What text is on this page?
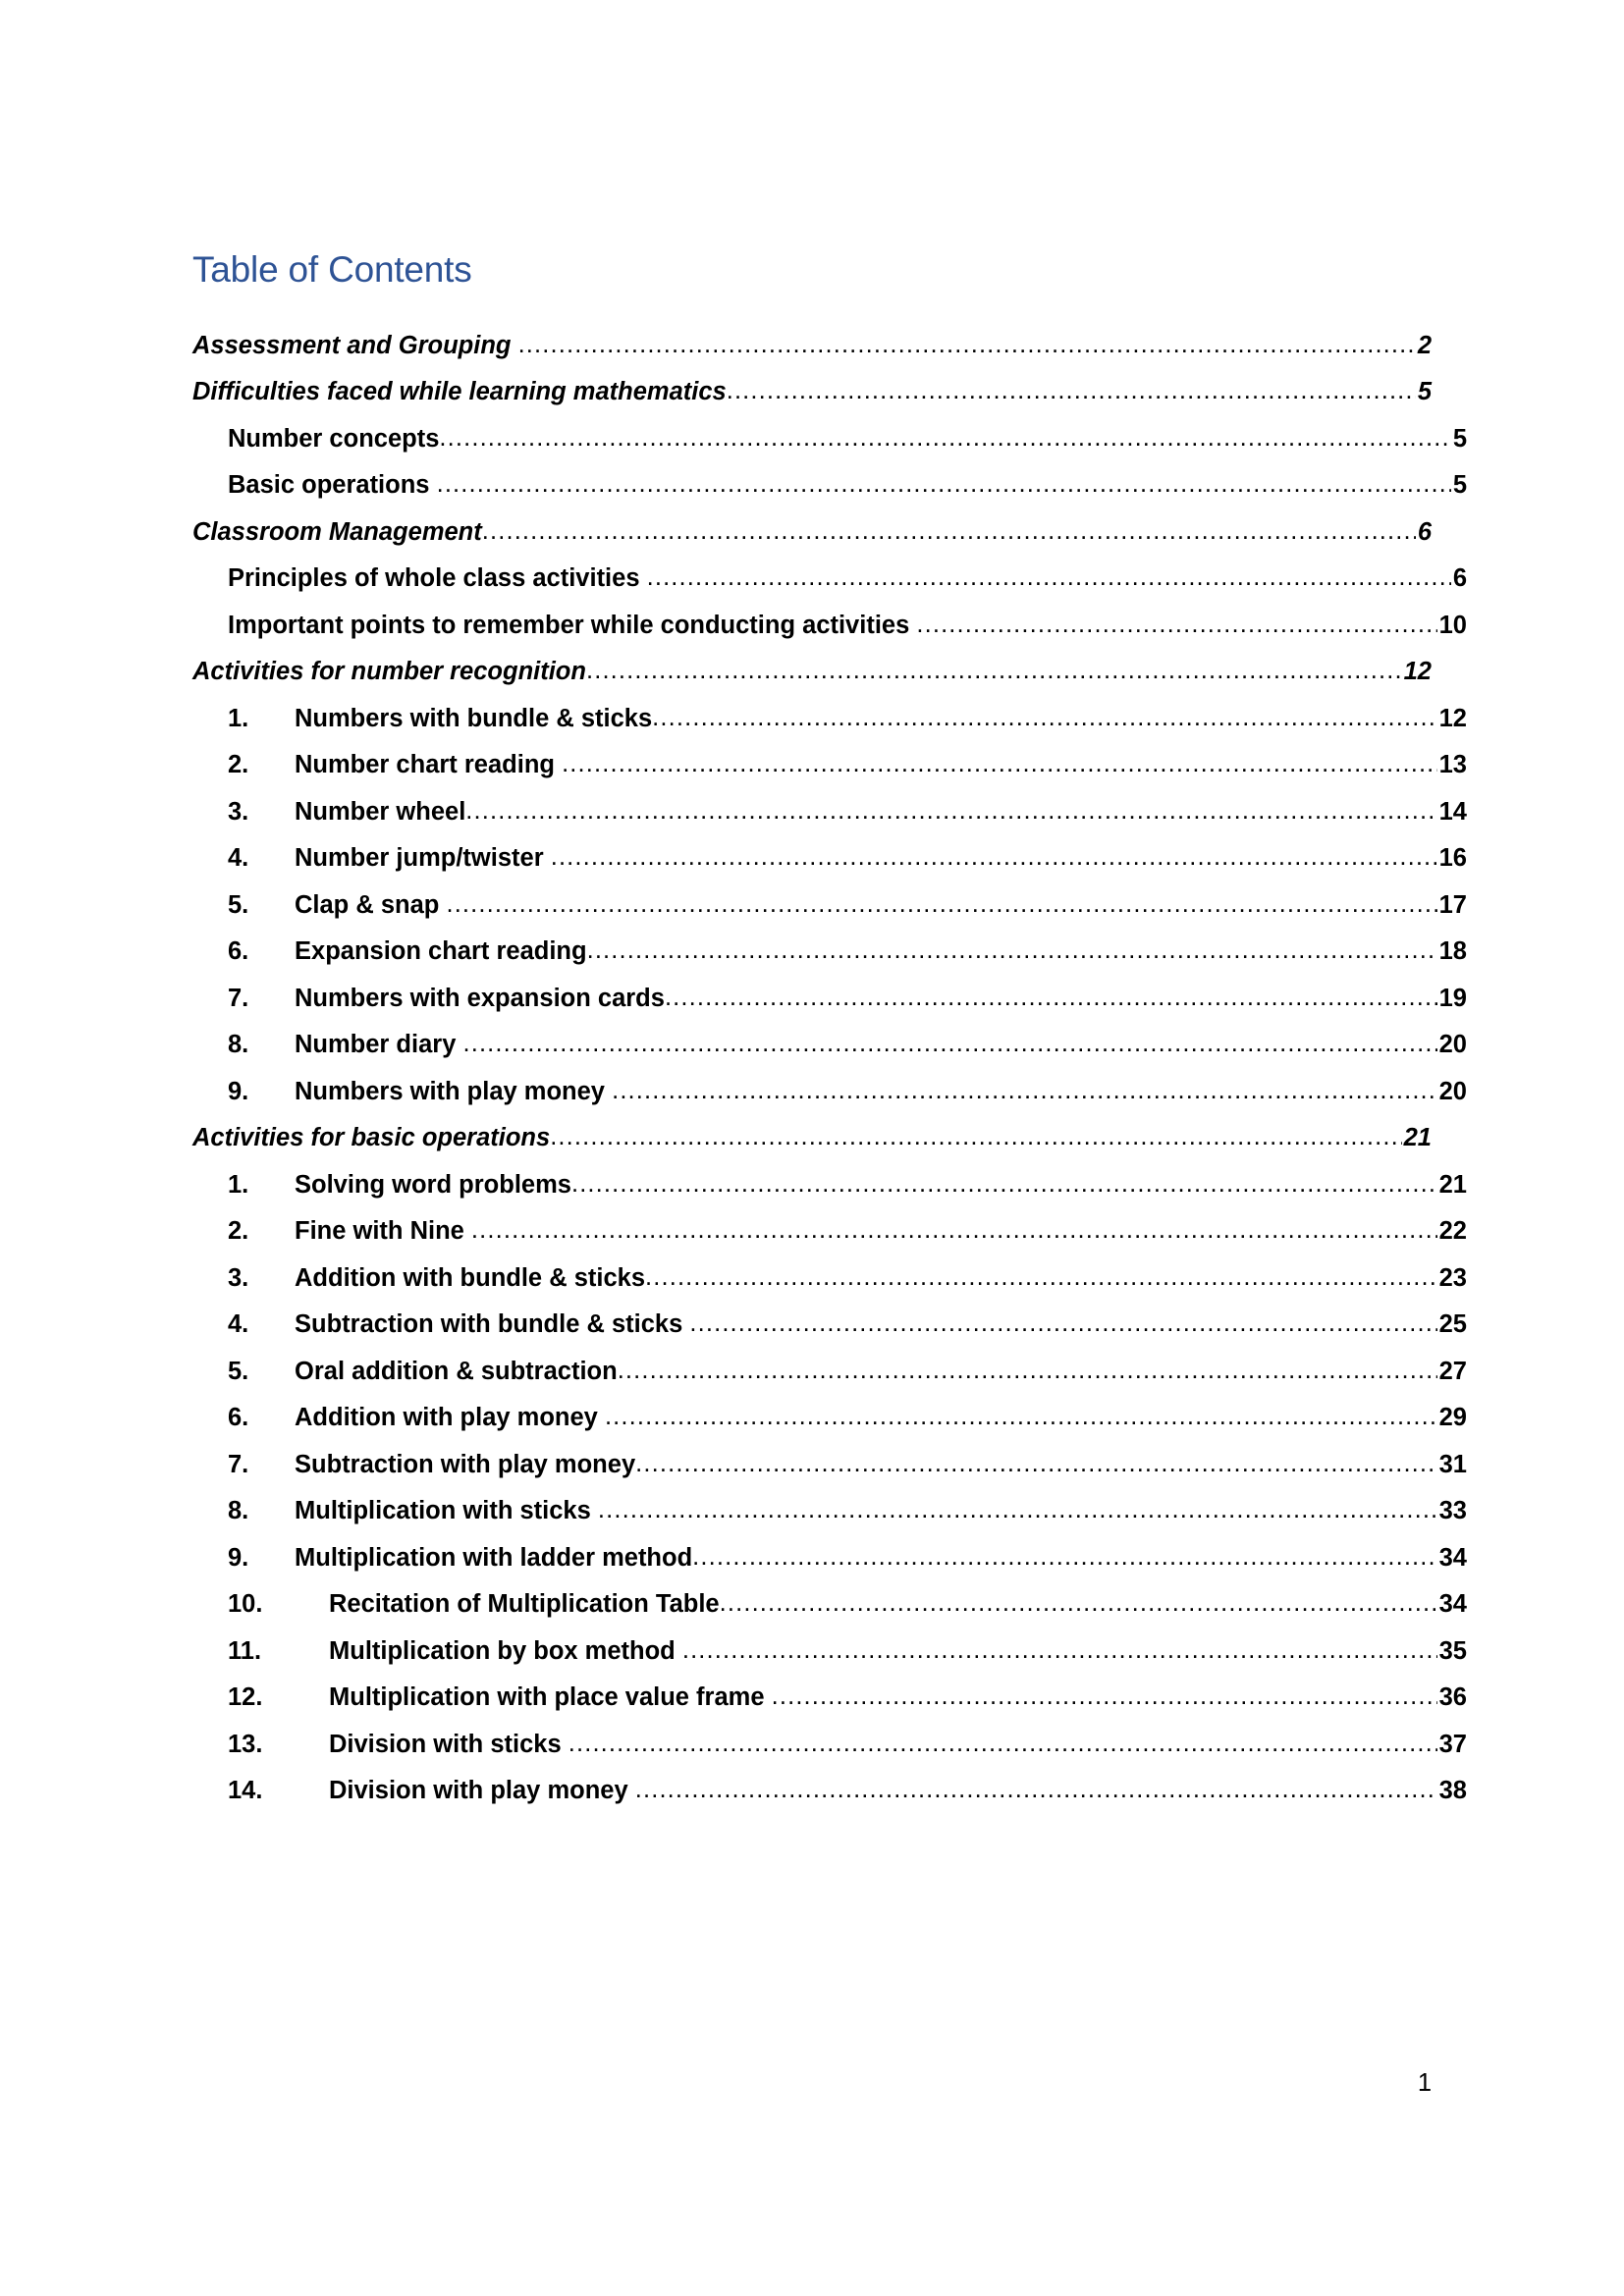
Table of Contents
Assessment and Grouping .....	2
Difficulties faced while learning mathematics .....	5
Number concepts .....	5
Basic operations .....	5
Classroom Management .....	6
Principles of whole class activities .....	6
Important points to remember while conducting activities .....	10
Activities for number recognition .....	12
1.	Numbers with bundle & sticks .....	12
2.	Number chart reading .....	13
3.	Number wheel .....	14
4.	Number jump/twister .....	16
5.	Clap & snap .....	17
6.	Expansion chart reading .....	18
7.	Numbers with expansion cards .....	19
8.	Number diary .....	20
9.	Numbers with play money .....	20
Activities for basic operations .....	21
1.	Solving word problems .....	21
2.	Fine with Nine .....	22
3.	Addition with bundle & sticks .....	23
4.	Subtraction with bundle & sticks .....	25
5.	Oral addition & subtraction .....	27
6.	Addition with play money .....	29
7.	Subtraction with play money .....	31
8.	Multiplication with sticks .....	33
9.	Multiplication with ladder method .....	34
10.	Recitation of Multiplication Table .....	34
11.	Multiplication by box method .....	35
12.	Multiplication with place value frame .....	36
13.	Division with sticks .....	37
14.	Division with play money .....	38
1
